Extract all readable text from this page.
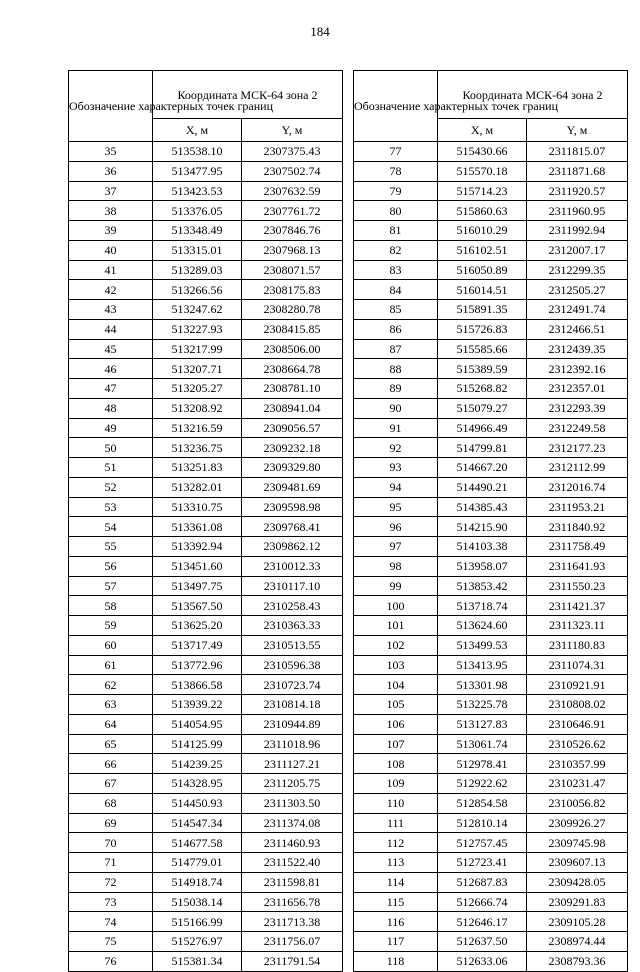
184
Обозначение характерных точек границ	Координата МСК-64 зона 2	
	X, м	Y, м
35	513538.10	2307375.43
36	513477.95	2307502.74
37	513423.53	2307632.59
38	513376.05	2307761.72
39	513348.49	2307846.76
40	513315.01	2307968.13
41	513289.03	2308071.57
42	513266.56	2308175.83
43	513247.62	2308280.78
44	513227.93	2308415.85
45	513217.99	2308506.00
46	513207.71	2308664.78
47	513205.27	2308781.10
48	513208.92	2308941.04
49	513216.59	2309056.57
50	513236.75	2309232.18
51	513251.83	2309329.80
52	513282.01	2309481.69
53	513310.75	2309598.98
54	513361.08	2309768.41
55	513392.94	2309862.12
56	513451.60	2310012.33
57	513497.75	2310117.10
58	513567.50	2310258.43
59	513625.20	2310363.33
60	513717.49	2310513.55
61	513772.96	2310596.38
62	513866.58	2310723.74
63	513939.22	2310814.18
64	514054.95	2310944.89
65	514125.99	2311018.96
66	514239.25	2311127.21
67	514328.95	2311205.75
68	514450.93	2311303.50
69	514547.34	2311374.08
70	514677.58	2311460.93
71	514779.01	2311522.40
72	514918.74	2311598.81
73	515038.14	2311656.78
74	515166.99	2311713.38
75	515276.97	2311756.07
76	515381.34	2311791.54
Обозначение характерных точек границ	Координата МСК-64 зона 2	
	X, м	Y, м
77	515430.66	2311815.07
78	515570.18	2311871.68
79	515714.23	2311920.57
80	515860.63	2311960.95
81	516010.29	2311992.94
82	516102.51	2312007.17
83	516050.89	2312299.35
84	516014.51	2312505.27
85	515891.35	2312491.74
86	515726.83	2312466.51
87	515585.66	2312439.35
88	515389.59	2312392.16
89	515268.82	2312357.01
90	515079.27	2312293.39
91	514966.49	2312249.58
92	514799.81	2312177.23
93	514667.20	2312112.99
94	514490.21	2312016.74
95	514385.43	2311953.21
96	514215.90	2311840.92
97	514103.38	2311758.49
98	513958.07	2311641.93
99	513853.42	2311550.23
100	513718.74	2311421.37
101	513624.60	2311323.11
102	513499.53	2311180.83
103	513413.95	2311074.31
104	513301.98	2310921.91
105	513225.78	2310808.02
106	513127.83	2310646.91
107	513061.74	2310526.62
108	512978.41	2310357.99
109	512922.62	2310231.47
110	512854.58	2310056.82
111	512810.14	2309926.27
112	512757.45	2309745.98
113	512723.41	2309607.13
114	512687.83	2309428.05
115	512666.74	2309291.83
116	512646.17	2309105.28
117	512637.50	2308974.44
118	512633.06	2308793.36
